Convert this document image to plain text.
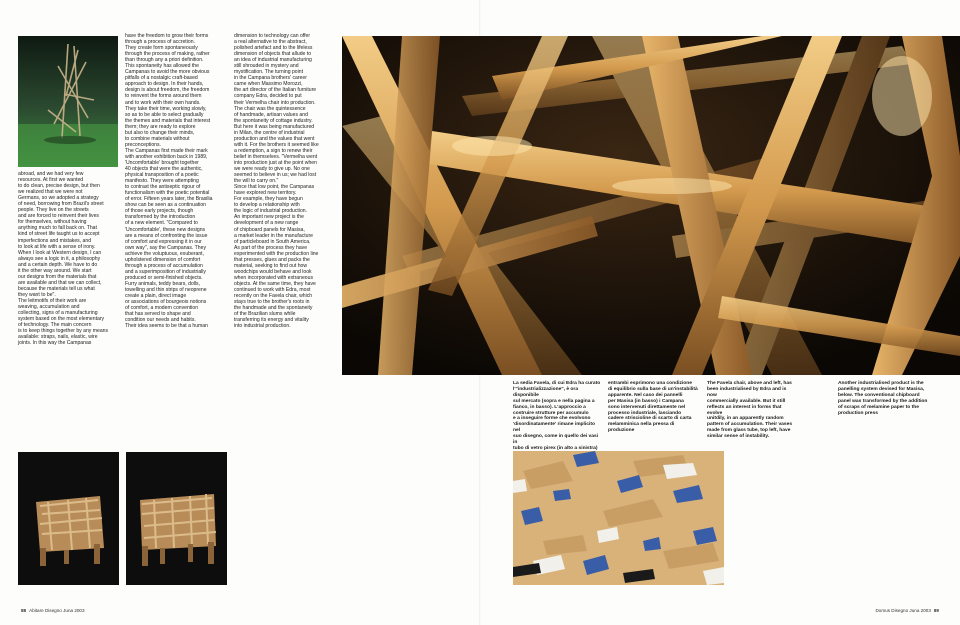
abroad, and we had very few
resources. At first we wanted
to do clean, precise design, but then
we realized that we were not
Germans, so we adopted a strategy
of need, borrowing from Brazil's street
people. They live on the streets
and are forced to reinvent their lives
for themselves, without having
anything much to fall back on. That
kind of street life taught us to accept
imperfections and mistakes, and
to look at life with a sense of irony.
When I look at Western design, I can
always see a logic in it, a philosophy
and a certain depth. We have to do
it the other way around. We start
our designs from the materials that
are available and that we can collect,
because the materials tell us what
they want to be".
The leitmotifs of their work are
weaving, accumulation and
collecting, signs of a manufacturing
system based on the most elementary
of technology. The main concern
is to keep things together by any means
available: straps, nails, elastic, wire
joints. In this way the Campanas

have the freedom to grow their forms
through a process of accretion.
They create form spontaneously
through the process of making, rather
than through any a priori definition.
This spontaneity has allowed the
Campanas to avoid the more obvious
pitfalls of a nostalgic craft-based
approach to design. In their hands,
design is about freedom, the freedom
to reinvent the forms around them
and to work with their own hands.
They take their time, working slowly,
so as to be able to select gradually
the themes and materials that interest
them; they are ready to explore
but also to change their minds,
to combine materials without
preconceptions.
The Campanas first made their mark
with another exhibition back in 1989,
'Uncomfortable' brought together
40 objects that were the authentic,
physical transposition of a poetic
manifesto. They were attempting
to contrast the antiseptic rigour of
functionalism with the poetic potential
of error. Fifteen years later, the Brasilia
show can be seen as a continuation
of those early projects, though
transformed by the introduction
of a new element. "Compared to
'Uncomfortable', these new designs
are a means of confronting the issue
of comfort and expressing it in our
own way", say the Campanas. They
achieve the voluptuous, exuberant,
upholstered dimension of comfort
through a process of accumulation
and a superimposition of industrially
produced or semi-finished objects.
Furry animals, teddy bears, dolls,
towelling and thin strips of neoprene
create a plain, direct image
or associations of bourgeois notions
of comfort, a modern convention
that has served to shape and
condition our needs and habits.
Their idea seems to be that a human

dimension to technology can offer
a real alternative to the abstract,
polished artefact and to the lifeless
dimension of objects that allude to
an idea of industrial manufacturing
still shrouded in mystery and
mystification. The turning point
in the Campana brothers' career
came when Massimo Morozzi,
the art director of the Italian furniture
company Edra, decided to put
their Vermelha chair into production.
The chair was the quintessence
of handmade, artisan values and
the spontaneity of cottage industry.
But here it was being manufactured
in Milan, the centre of industrial
production and the values that went
with it. For the brothers it seemed like
a redemption, a sign to renew their
belief in themselves. "Vermelha went
into production just at the point when
we were ready to give up. No one
seemed to believe in us; we had lost
the will to carry on."
Since that low point, the Campanas
have explored new territory.
For example, they have begun
to develop a relationship with
the logic of industrial production.
An important new project is the
development of a new range
of chipboard panels for Masisa,
a market leader in the manufacture
of particleboard in South America.
As part of the process they have
experimented with the production line
that presses, glues and packs the
material, seeking to find out how
woodchips would behave and look
when incorporated with extraneous
objects. At the same time, they have
continued to work with Edra, most
recently on the Favela chair, which
stays true to the brother's roots in
the handmade and the spontaneity
of the Brazilian slums while
transferring its energy and vitality
into industrial production.

La sedia Favela, di cui Edra ha curato
l'"industrializzazione", è ora disponibile
sul mercato (sopra e nella pagina a
fianco, in basso). L'approccio a
costruire strutture per accumulo
e a inseguire forme che evolvono
'disordinatamente' rimane implicito nel
suo disegno, come in quello dei vasi in
tubo di vetro pirex (in alto a sinistra)
entrambi esprimono una condizione
di equilibrio sulla base di un'instabilità
apparente. Nel caso dei pannelli
per Masisa (in basso) i Campana
sono intervenuti direttamente nel
processo industriale, lasciando
cadere striscioline di scarto di carta
melamminica nella pressa di produzione
The Favela chair, above and left, has
been industrialised by Edra and is now
commercially available. But it still
reflects an interest in forms that evolve
unitdily, in an apparently random
pattern of accumulation. Their vases
made from glass tube, top left, have
similar sense of instability.
Another industrialised product is the
panelling system devised for Masisa,
below. The conventional chipboard
panel was transformed by the addition
of scraps of melamine paper to the
production press
88 Abitare Disegno Juna 2003	Domus Disegno Juna 2003 89
